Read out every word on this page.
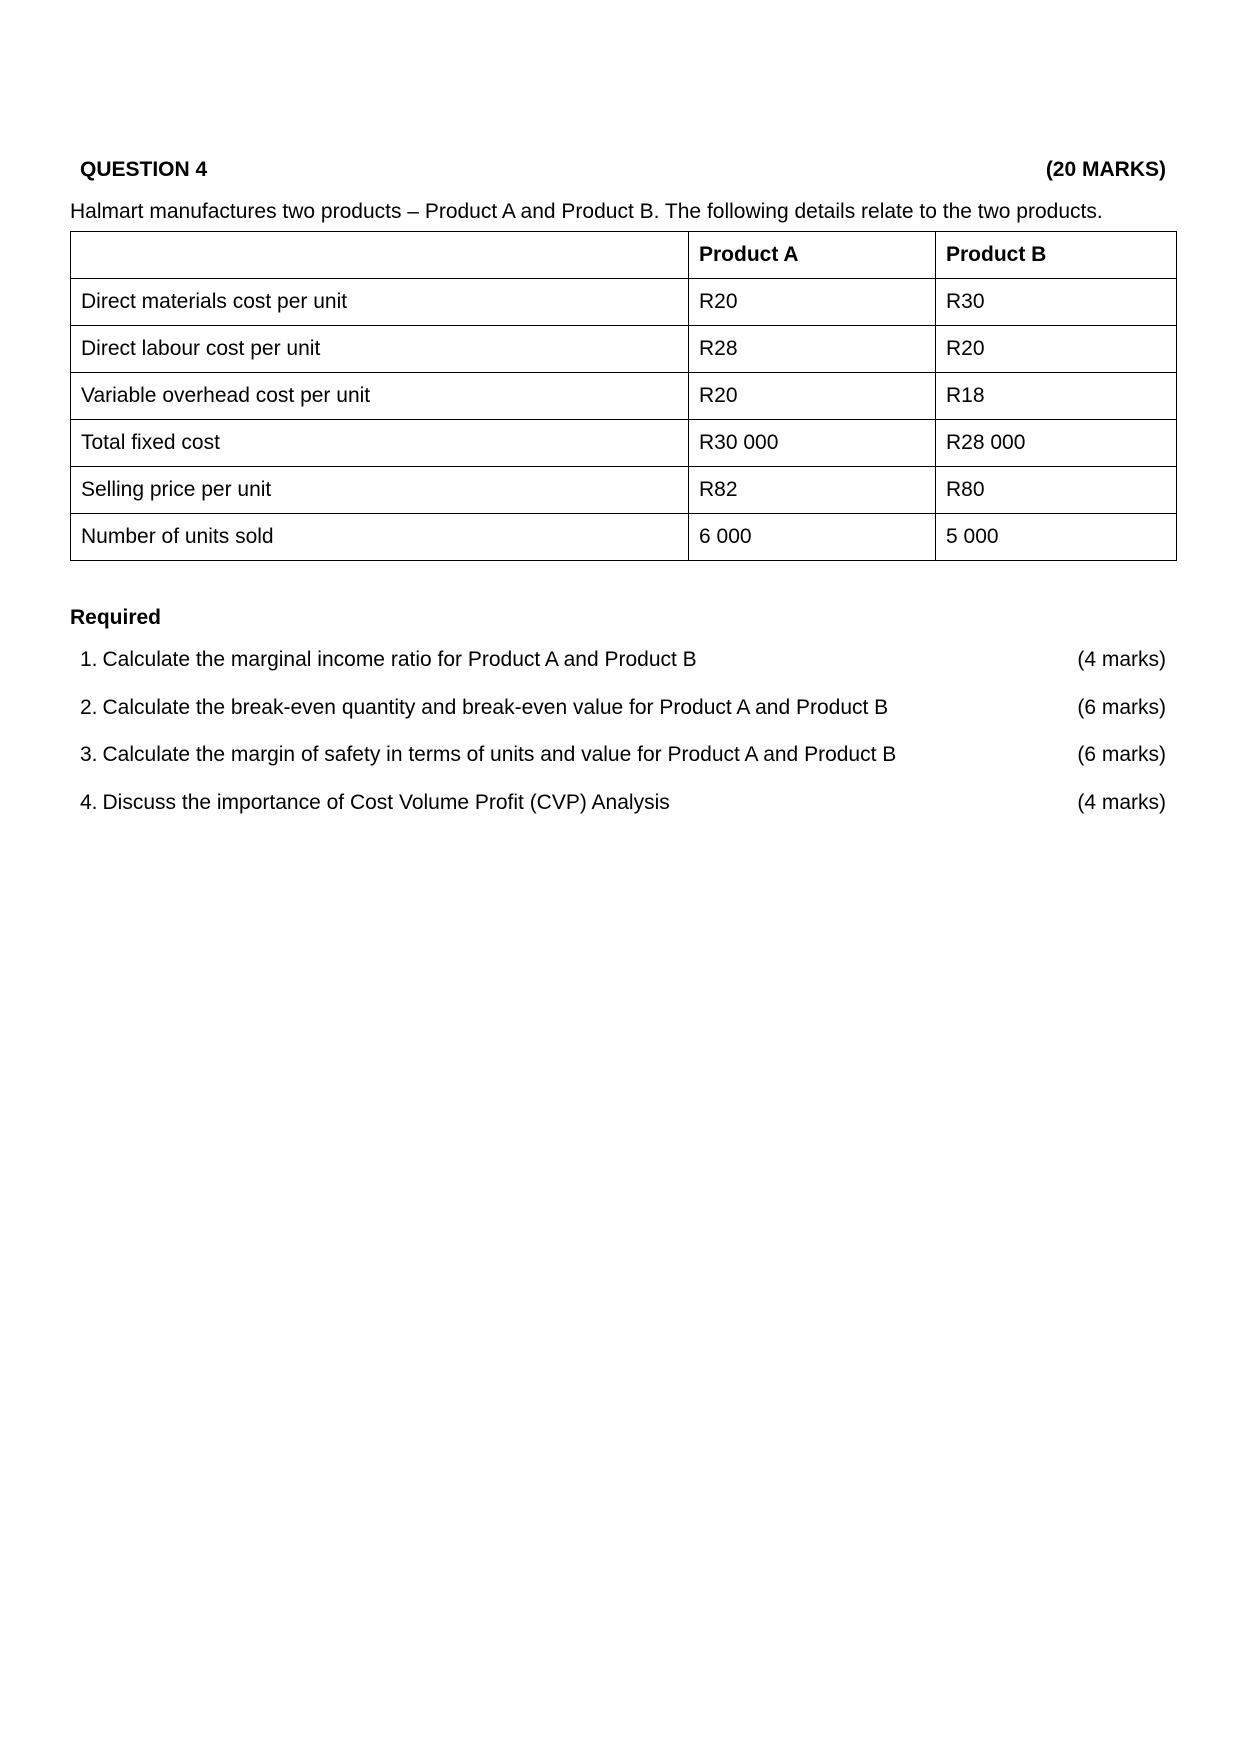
QUESTION 4	(20 MARKS)
Halmart manufactures two products – Product A and Product B. The following details relate to the two products.
	Product A	Product B
Direct materials cost per unit	R20	R30
Direct labour cost per unit	R28	R20
Variable overhead cost per unit	R20	R18
Total fixed cost	R30 000	R28 000
Selling price per unit	R82	R80
Number of units sold	6 000	5 000
Required
1. Calculate the marginal income ratio for Product A and Product B	(4 marks)
2. Calculate the break-even quantity and break-even value for Product A and Product B	(6 marks)
3. Calculate the margin of safety in terms of units and value for Product A and Product B	(6 marks)
4. Discuss the importance of Cost Volume Profit (CVP) Analysis	(4 marks)
